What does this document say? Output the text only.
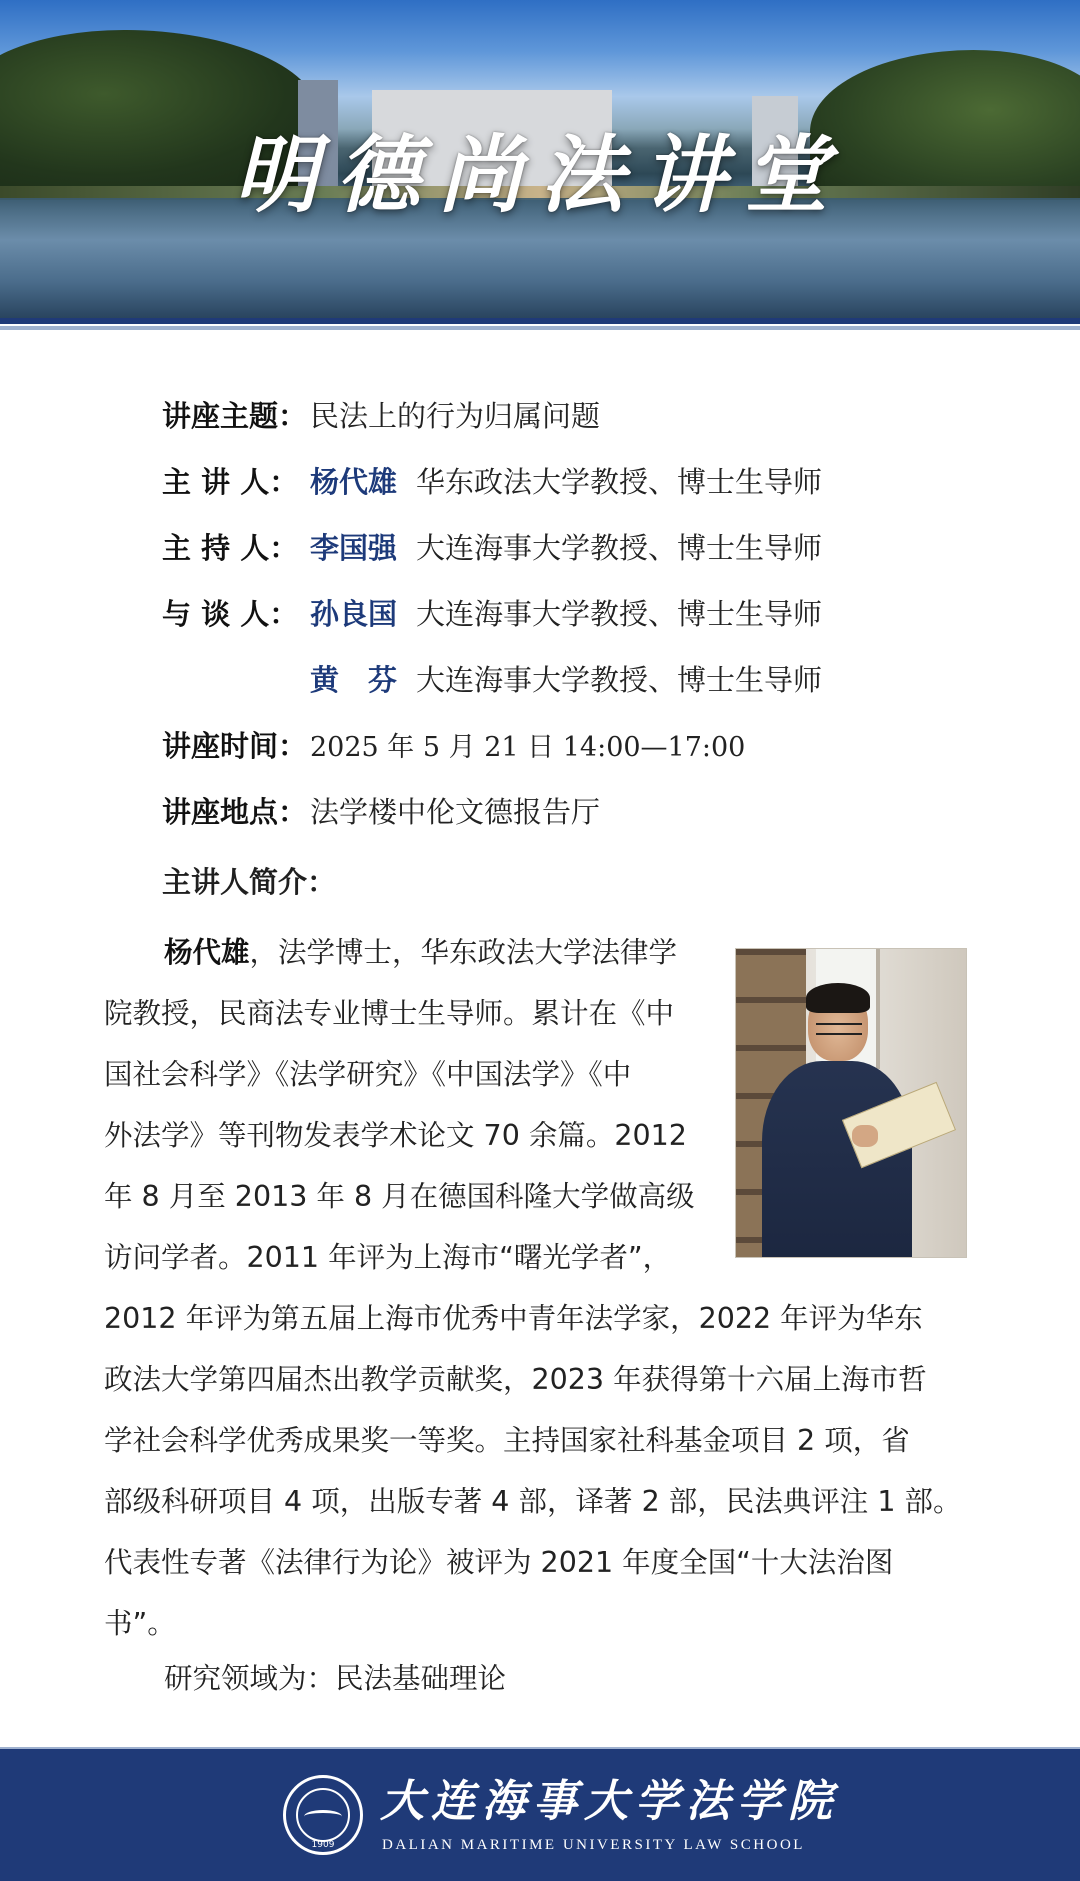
明德尚法讲堂
讲座主题： 民法上的行为归属问题
主 讲 人： 杨代雄 华东政法大学教授、博士生导师
主 持 人： 李国强 大连海事大学教授、博士生导师
与 谈 人： 孙良国 大连海事大学教授、博士生导师
黄　芬 大连海事大学教授、博士生导师
讲座时间： 2025 年 5 月 21 日 14:00—17:00
讲座地点： 法学楼中伦文德报告厅
主讲人简介：
杨代雄，法学博士，华东政法大学法律学
院教授，民商法专业博士生导师。累计在《中
国社会科学》《法学研究》《中国法学》《中
外法学》等刊物发表学术论文 70 余篇。2012
年 8 月至 2013 年 8 月在德国科隆大学做高级
访问学者。2011 年评为上海市“曙光学者”，
2012 年评为第五届上海市优秀中青年法学家，2022 年评为华东
政法大学第四届杰出教学贡献奖，2023 年获得第十六届上海市哲
学社会科学优秀成果奖一等奖。主持国家社科基金项目 2 项，省
部级科研项目 4 项，出版专著 4 部，译著 2 部，民法典评注 1 部。
代表性专著《法律行为论》被评为 2021 年度全国“十大法治图
书”。
研究领域为：民法基础理论
1909
大连海事大学法学院
DALIAN MARITIME UNIVERSITY LAW SCHOOL
